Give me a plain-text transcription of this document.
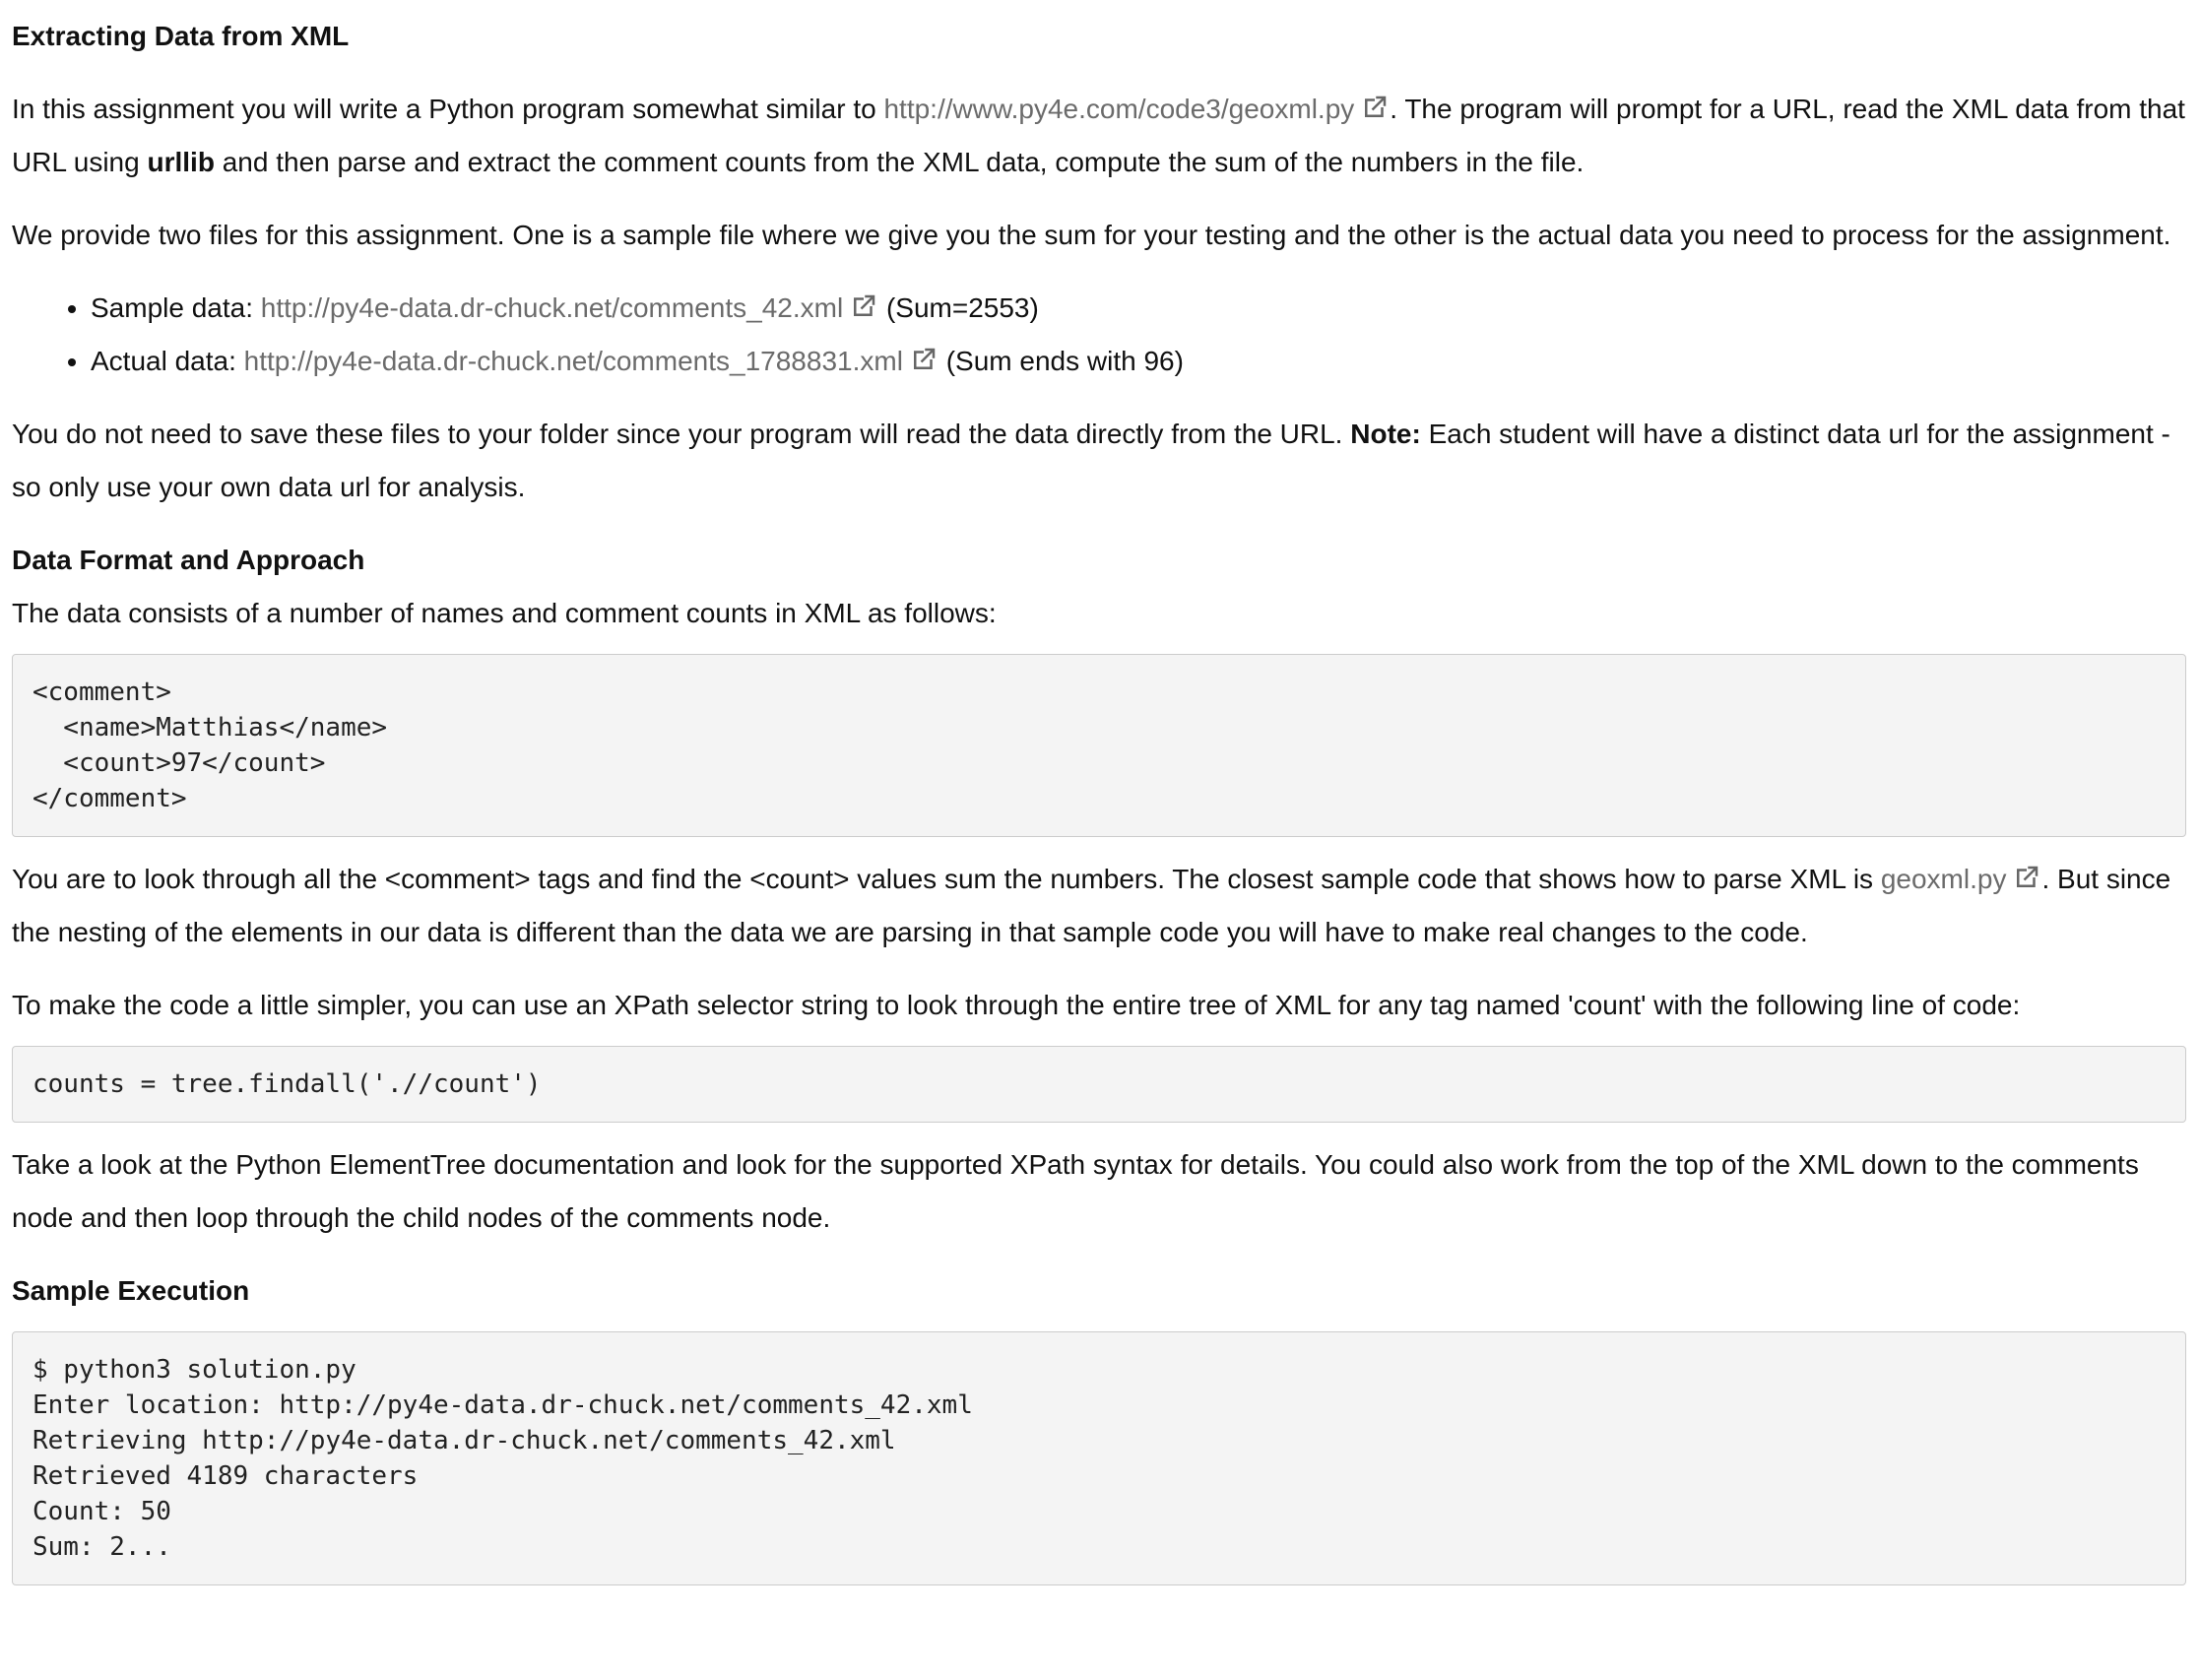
Extracting Data from XML

In this assignment you will write a Python program somewhat similar to http://www.py4e.com/code3/geoxml.py . The program will prompt for a URL, read the XML data from that URL using urllib and then parse and extract the comment counts from the XML data, compute the sum of the numbers in the file.

We provide two files for this assignment. One is a sample file where we give you the sum for your testing and the other is the actual data you need to process for the assignment.

• Sample data: http://py4e-data.dr-chuck.net/comments_42.xml (Sum=2553)
• Actual data: http://py4e-data.dr-chuck.net/comments_1788831.xml (Sum ends with 96)

You do not need to save these files to your folder since your program will read the data directly from the URL. Note: Each student will have a distinct data url for the assignment - so only use your own data url for analysis.

Data Format and Approach

The data consists of a number of names and comment counts in XML as follows:

<comment>
<name>Matthias</name>
<count>97</count>
</comment>

You are to look through all the <comment> tags and find the <count> values sum the numbers. The closest sample code that shows how to parse XML is geoxml.py . But since the nesting of the elements in our data is different than the data we are parsing in that sample code you will have to make real changes to the code.

To make the code a little simpler, you can use an XPath selector string to look through the entire tree of XML for any tag named 'count' with the following line of code:

counts = tree.findall('.//count')

Take a look at the Python ElementTree documentation and look for the supported XPath syntax for details. You could also work from the top of the XML down to the comments node and then loop through the child nodes of the comments node.

Sample Execution
$ python3 solution.py
Enter location: http://py4e-data.dr-chuck.net/comments_42.xml
Retrieving http://py4e-data.dr-chuck.net/comments_42.xml
Retrieved 4189 characters
Count: 50
Sum: 2...
